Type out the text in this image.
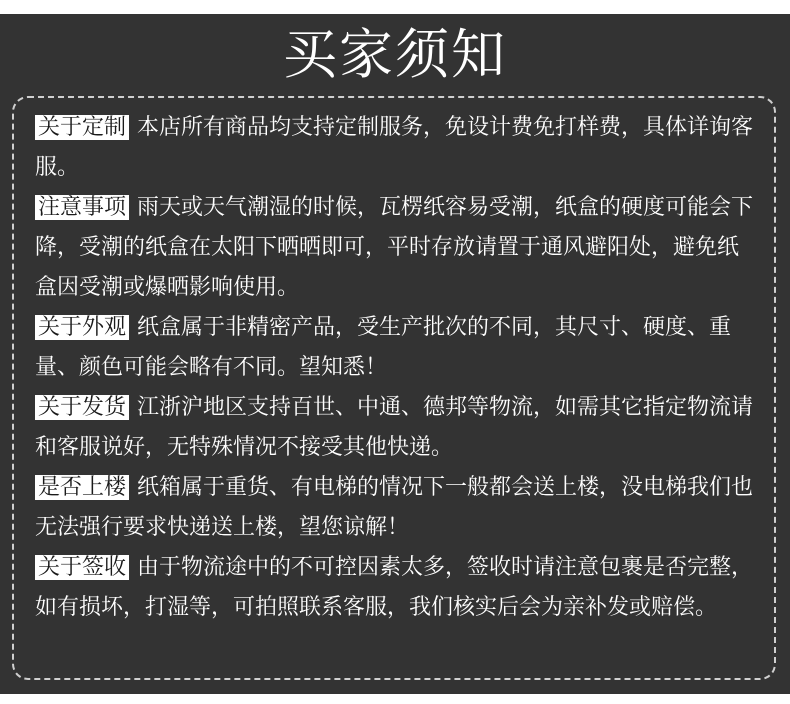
买家须知

关于定制 本店所有商品均支持定制服务，免设计费免打样费，具体详询客服。

注意事项 雨天或天气潮湿的时候，瓦楞纸容易受潮，纸盒的硬度可能会下降，受潮的纸盒在太阳下晒晒即可，平时存放请置于通风避阳处，避免纸盒因受潮或爆晒影响使用。

关于外观 纸盒属于非精密产品，受生产批次的不同，其尺寸、硬度、重量、颜色可能会略有不同。望知悉！

关于发货 江浙沪地区支持百世、中通、德邦等物流，如需其它指定物流请和客服说好，无特殊情况不接受其他快递。

是否上楼 纸箱属于重货、有电梯的情况下一般都会送上楼，没电梯我们也无法强行要求快递送上楼，望您谅解！

关于签收 由于物流途中的不可控因素太多，签收时请注意包裹是否完整，如有损坏，打湿等，可拍照联系客服，我们核实后会为亲补发或赔偿。
